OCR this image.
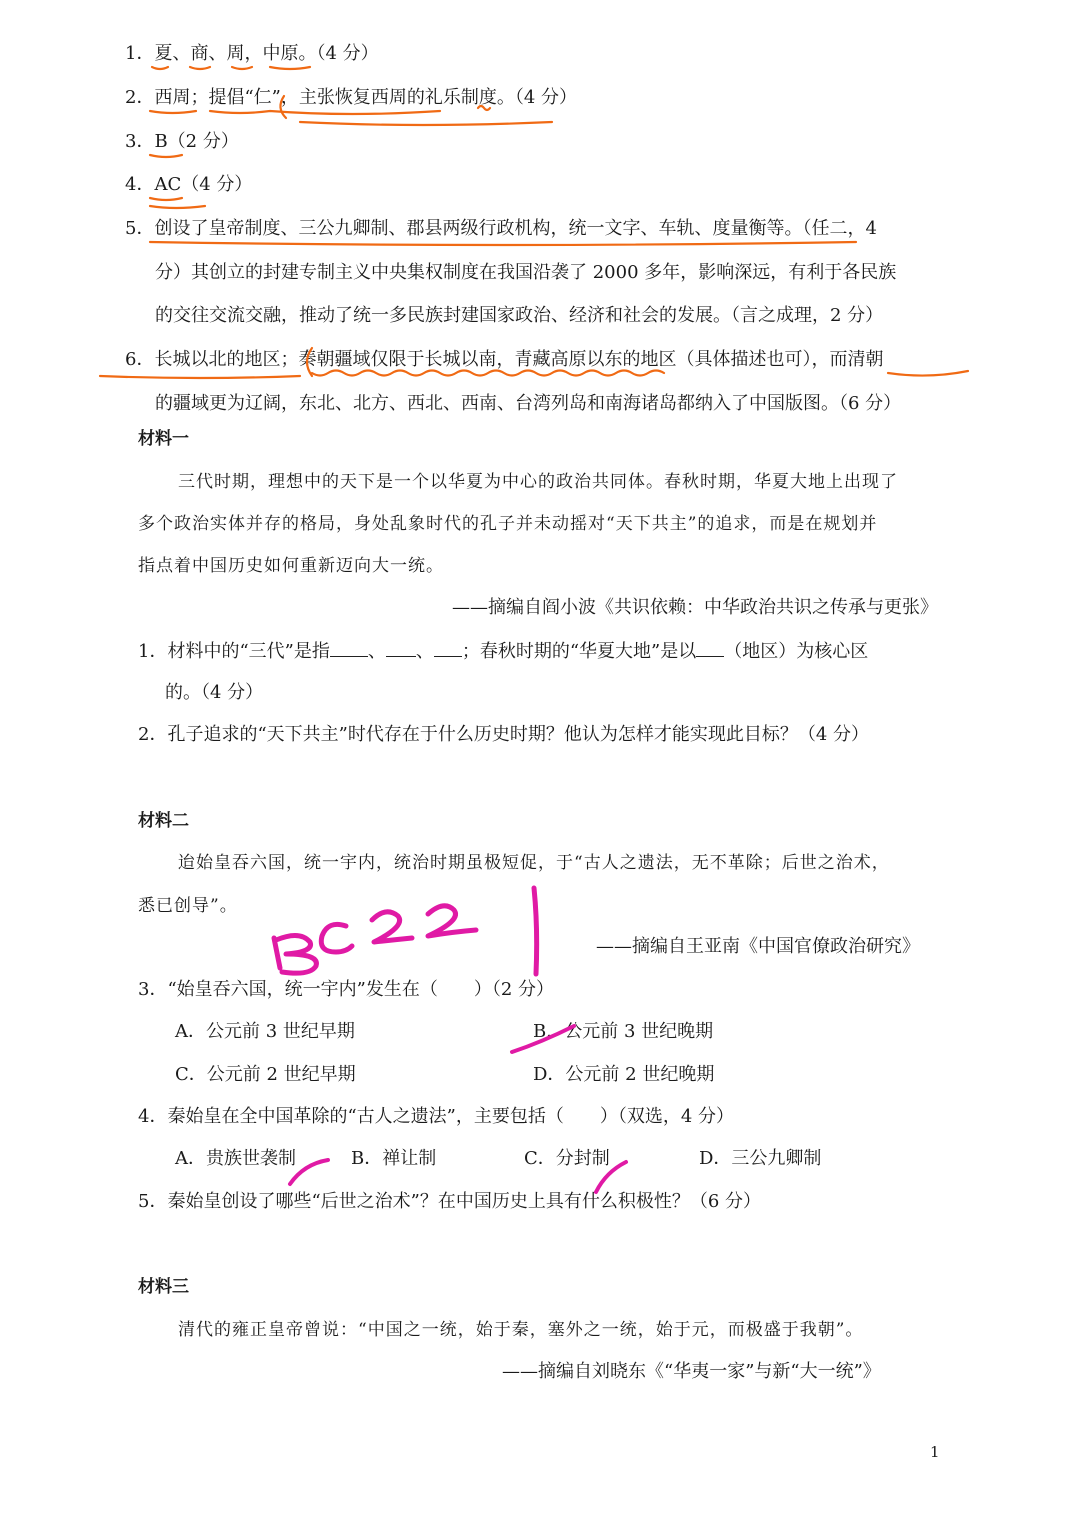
1．夏、商、周，中原。（4 分）
2．西周；提倡“仁”，主张恢复西周的礼乐制度。（4 分）
3．B（2 分）
4．AC（4 分）
5．创设了皇帝制度、三公九卿制、郡县两级行政机构，统一文字、车轨、度量衡等。（任二，4
分）其创立的封建专制主义中央集权制度在我国沿袭了 2000 多年，影响深远，有利于各民族
的交往交流交融，推动了统一多民族封建国家政治、经济和社会的发展。（言之成理，2 分）
6．长城以北的地区；秦朝疆域仅限于长城以南，青藏高原以东的地区（具体描述也可），而清朝
的疆域更为辽阔，东北、北方、西北、西南、台湾列岛和南海诸岛都纳入了中国版图。（6 分）
材料一
三代时期，理想中的天下是一个以华夏为中心的政治共同体。春秋时期，华夏大地上出现了
多个政治实体并存的格局，身处乱象时代的孔子并未动摇对“天下共主”的追求，而是在规划并
指点着中国历史如何重新迈向大一统。
——摘编自阎小波《共识依赖：中华政治共识之传承与更张》
1．材料中的“三代”是指 、 、 ；春秋时期的“华夏大地”是以 （地区）为核心区
的。（4 分）
2．孔子追求的“天下共主”时代存在于什么历史时期？他认为怎样才能实现此目标？（4 分）
材料二
迨始皇吞六国，统一宇内，统治时期虽极短促，于“古人之遗法，无不革除；后世之治术，
悉已创导”。
——摘编自王亚南《中国官僚政治研究》
3．“始皇吞六国，统一宇内”发生在（　　）（2 分）
A．公元前 3 世纪早期	B．公元前 3 世纪晚期
C．公元前 2 世纪早期	D．公元前 2 世纪晚期
4．秦始皇在全中国革除的“古人之遗法”，主要包括（　　）（双选，4 分）
A．贵族世袭制	B．禅让制	C．分封制	D．三公九卿制
5．秦始皇创设了哪些“后世之治术”？在中国历史上具有什么积极性？（6 分）
材料三
清代的雍正皇帝曾说：“中国之一统，始于秦，塞外之一统，始于元，而极盛于我朝”。
——摘编自刘晓东《“华夷一家”与新“大一统”》
1
